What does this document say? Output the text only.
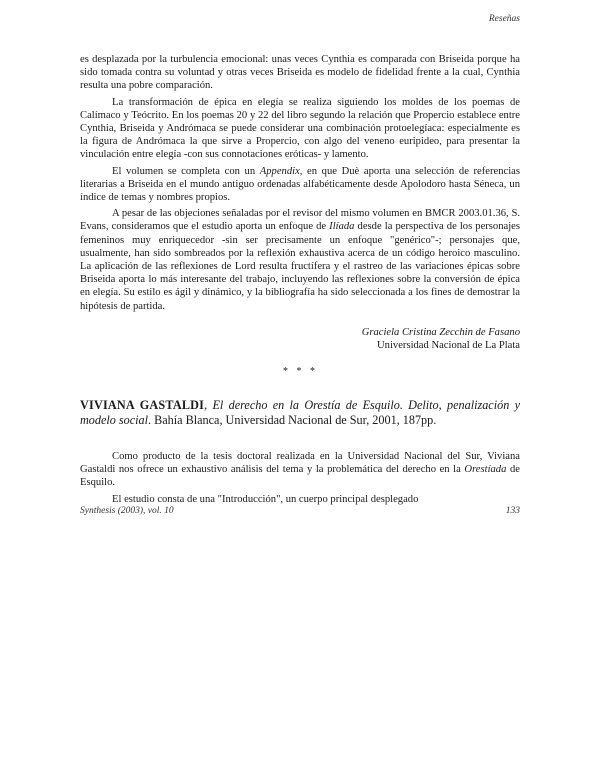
Reseñas

es desplazada por la turbulencia emocional: unas veces Cynthia es comparada con Briseida porque ha sido tomada contra su voluntad y otras veces Briseida es modelo de fidelidad frente a la cual, Cynthia resulta una pobre comparación.

La transformación de épica en elegía se realiza siguiendo los moldes de los poemas de Calímaco y Teócrito. En los poemas 20 y 22 del libro segundo la relación que Propercio establece entre Cynthia, Briseida y Andrómaca se puede considerar una combinación protoelegíaca: especialmente es la figura de Andrómaca la que sirve a Propercio, con algo del veneno euripideo, para presentar la vinculación entre elegía -con sus connotaciones eróticas- y lamento.

El volumen se completa con un Appendix, en que Duè aporta una selección de referencias literarias a Briseida en el mundo antiguo ordenadas alfabéticamente desde Apolodoro hasta Séneca, un índice de temas y nombres propios.

A pesar de las objeciones señaladas por el revisor del mismo volumen en BMCR 2003.01.36, S. Evans, consideramos que el estudio aporta un enfoque de Ilíada desde la perspectiva de los personajes femeninos muy enriquecedor -sin ser precisamente un enfoque "genérico"-; personajes que, usualmente, han sido sombreados por la reflexión exhaustiva acerca de un código heroico masculino. La aplicación de las reflexiones de Lord resulta fructífera y el rastreo de las variaciones épicas sobre Briseida aporta lo más interesante del trabajo, incluyendo las reflexiones sobre la conversión de épica en elegía. Su estilo es ágil y dinámico, y la bibliografía ha sido seleccionada a los fines de demostrar la hipótesis de partida.

Graciela Cristina Zecchin de Fasano
Universidad Nacional de La Plata
* * *
VIVIANA GASTALDI, El derecho en la Orestía de Esquilo. Delito, penalización y modelo social. Bahía Blanca, Universidad Nacional de Sur, 2001, 187pp.

Como producto de la tesis doctoral realizada en la Universidad Nacional del Sur, Viviana Gastaldi nos ofrece un exhaustivo análisis del tema y la problemática del derecho en la Orestíada de Esquilo.

El estudio consta de una "Introducción", un cuerpo principal desplegado

Synthesis (2003), vol. 10	133
